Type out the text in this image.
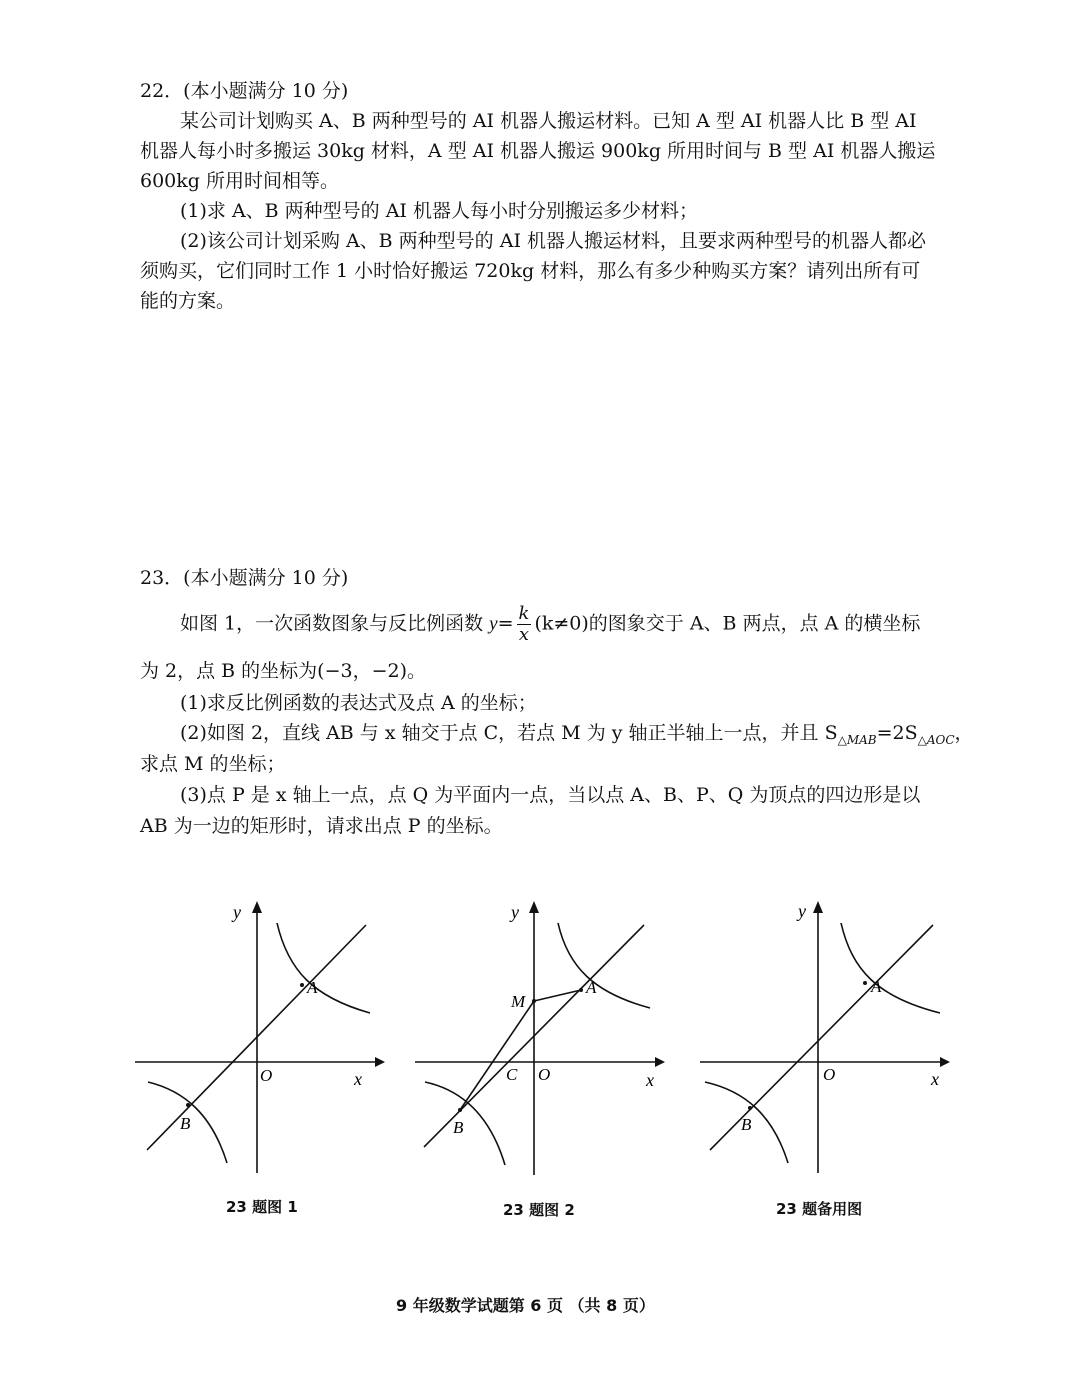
22．(本小题满分 10 分)
某公司计划购买 A、B 两种型号的 AI 机器人搬运材料。已知 A 型 AI 机器人比 B 型 AI
机器人每小时多搬运 30kg 材料，A 型 AI 机器人搬运 900kg 所用时间与 B 型 AI 机器人搬运
600kg 所用时间相等。
(1)求 A、B 两种型号的 AI 机器人每小时分别搬运多少材料；
(2)该公司计划采购 A、B 两种型号的 AI 机器人搬运材料，且要求两种型号的机器人都必
须购买，它们同时工作 1 小时恰好搬运 720kg 材料，那么有多少种购买方案？请列出所有可
能的方案。
23．(本小题满分 10 分)
如图 1，一次函数图象与反比例函数 $y= \frac{k}{x} (k\ne 0)$的图象交于 A、B 两点，点 A 的横坐标
为 2，点 B 的坐标为(−3，−2)。
(1)求反比例函数的表达式及点 A 的坐标；
(2)如图 2，直线 AB 与 x 轴交于点 C，若点 M 为 y 轴正半轴上一点，并且 $S_{\triangle MAB}=2S_{\triangle AOC}$，
求点 M 的坐标；
(3)点 P 是 x 轴上一点，点 Q 为平面内一点，当以点 A、B、P、Q 为顶点的四边形是以
AB 为一边的矩形时，请求出点 P 的坐标。
y
x
O
A
B
23 题图 1
y
x
O
A
B
C
M
23 题图 2
y
x
O
A
B
23 题备用图
9 年级数学试题第 6 页 （共 8 页）
